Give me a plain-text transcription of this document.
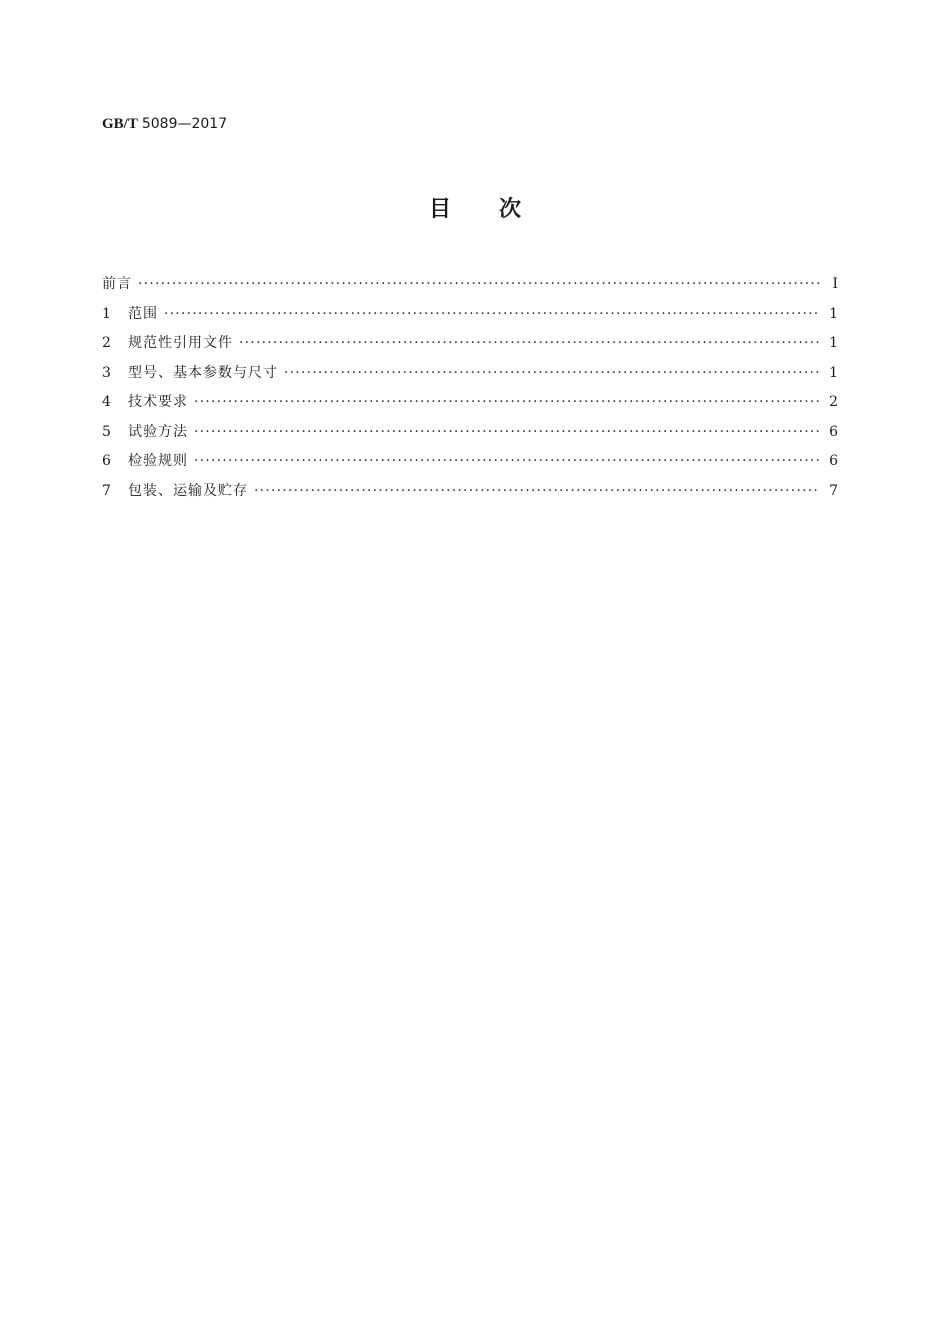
GB/T 5089—2017
目次
前言 ·····	Ⅰ
1	范围 ·····	1
2	规范性引用文件 ·····	1
3	型号、基本参数与尺寸 ·····	1
4	技术要求 ·····	2
5	试验方法 ·····	6
6	检验规则 ·····	6
7	包装、运输及贮存 ·····	7
